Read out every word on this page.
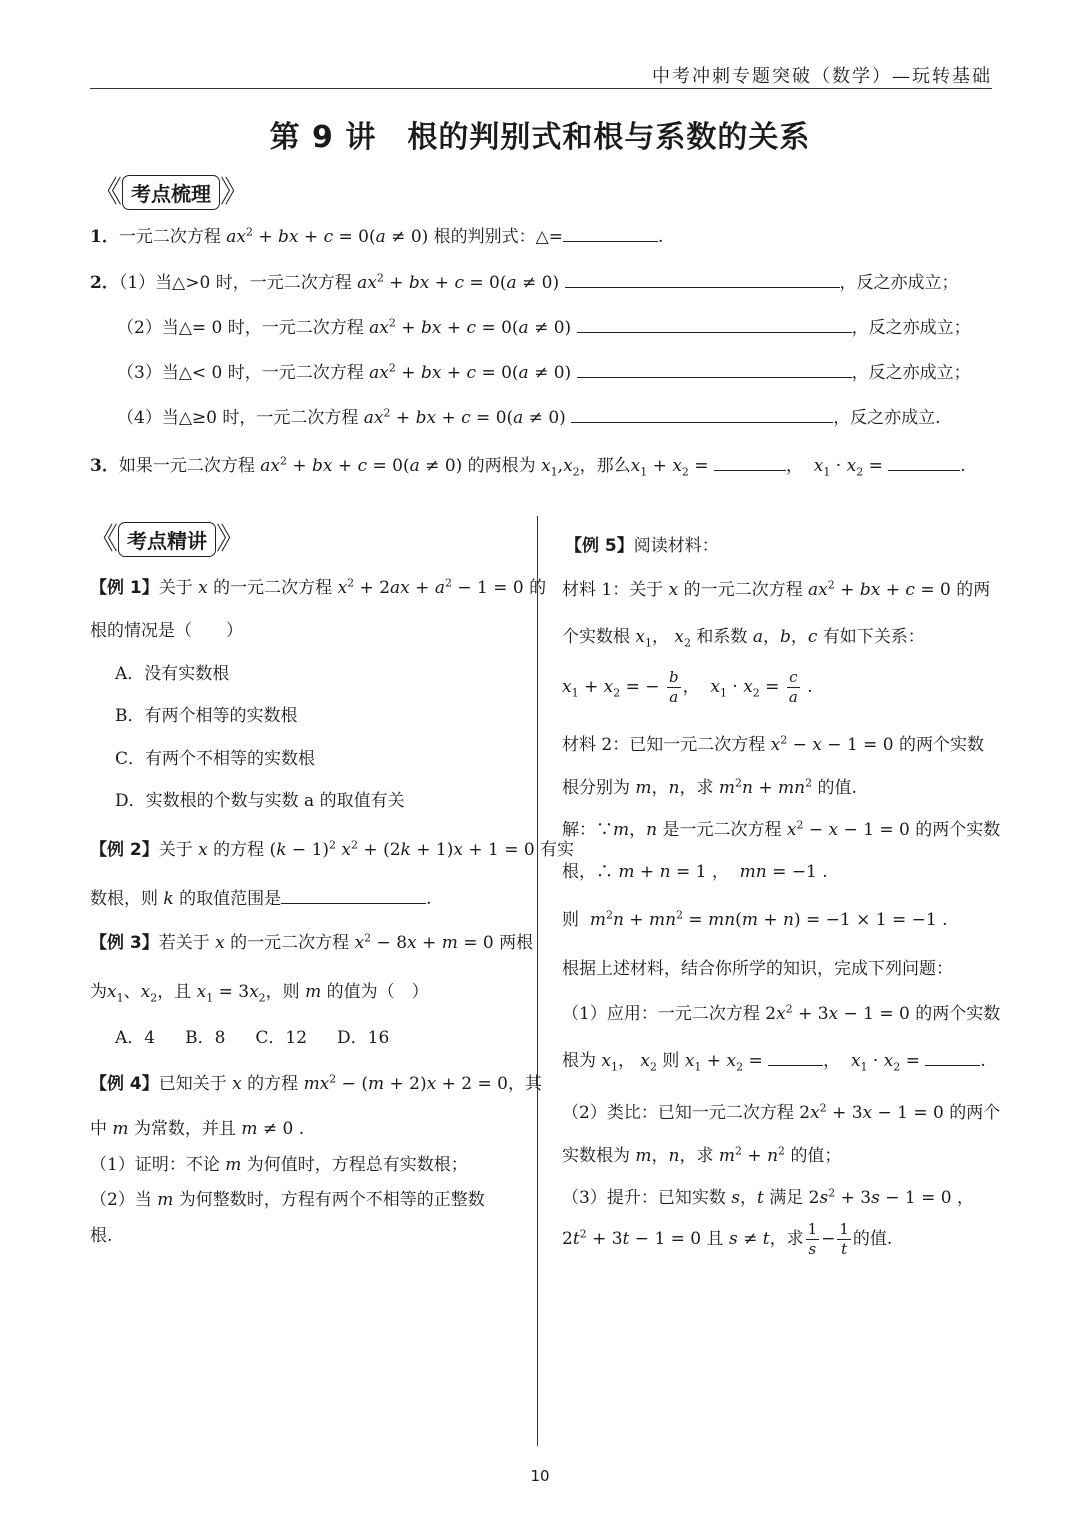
中考冲刺专题突破（数学）—玩转基础
第 9 讲　根的判别式和根与系数的关系
《 考点梳理 》
1．一元二次方程 $ax^2$ + bx + c = 0(a ≠ 0) 根的判别式：△=	.
2．（1）当△>0 时，一元二次方程 $ax^2$ + bx + c = 0(a ≠ 0)	，反之亦成立；
（2）当△= 0 时，一元二次方程 $ax^2$ + bx + c = 0(a ≠ 0)	，反之亦成立；
（3）当△< 0 时，一元二次方程 $ax^2$ + bx + c = 0(a ≠ 0)	，反之亦成立；
（4）当△≥0 时，一元二次方程 $ax^2$ + bx + c = 0(a ≠ 0)	，反之亦成立.
3．如果一元二次方程 $ax^2$ + bx + c = 0(a ≠ 0) 的两根为 $x_1,x_2$，那么$x_1 + x_2$ =	， $x_1 \cdot x_2$ =	.
《 考点精讲 》
【例 1】关于 x 的一元二次方程 $x^2 + 2ax + a^2 - 1 = 0$ 的
根的情况是（　　）
A．没有实数根
B．有两个相等的实数根
C．有两个不相等的实数根
D．实数根的个数与实数 a 的取值有关
【例 2】关于 x 的方程 $(k - 1)^2$ $x^2 + (2k + 1)x + 1 = 0$ 有实
数根，则 k 的取值范围是	.
【例 3】若关于 x 的一元二次方程 $x^2 - 8x + m = 0$ 两根
为$x_1$、$x_2$，且 $x_1 = 3x_2$，则 m 的值为（　）
A．4 B．8 C．12 D．16
【例 4】已知关于 x 的方程 $mx^2 - (m + 2)x + 2 = 0$，其
中 m 为常数，并且 m ≠ 0 .
（1）证明：不论 m 为何值时，方程总有实数根；
（2）当 m 为何整数时，方程有两个不相等的正整数
根.
【例 5】阅读材料：
材料 1：关于 x 的一元二次方程 $ax^2$ + bx + c = 0 的两
个实数根 $x_1$， $x_2$ 和系数 a，b，c 有如下关系：
$x_1 + x_2$ = − $\frac{b}{a}$ ，  $x_1 \cdot x_2 = \frac{c}{a}$ .
材料 2：已知一元二次方程 $x^2 - x - 1 = 0$ 的两个实数
根分别为 m，n，求 $m^2n + mn^2$ 的值.
解：∵m，n 是一元二次方程 $x^2 - x - 1 = 0$ 的两个实数
根，∴ m + n = 1 ，  mn = −1 .
则 $m^2n + mn^2 = mn(m + n) = -1 \times 1 = -1$ .
根据上述材料，结合你所学的知识，完成下列问题：
（1）应用：一元二次方程 $2x^2 + 3x - 1 = 0$ 的两个实数
根为 $x_1$， $x_2$ 则 $x_1 + x_2$ =	，  $x_1 \cdot x_2$ =	.
（2）类比：已知一元二次方程 $2x^2 + 3x - 1 = 0$ 的两个
实数根为 m，n，求 $m^2 + n^2$ 的值；
（3）提升：已知实数 s，t 满足 $2s^2 + 3s - 1 = 0$ ，
$2t^2 + 3t - 1 = 0$ 且 s ≠ t，求 $\frac{1}{s} - \frac{1}{t}$ 的值.
10
